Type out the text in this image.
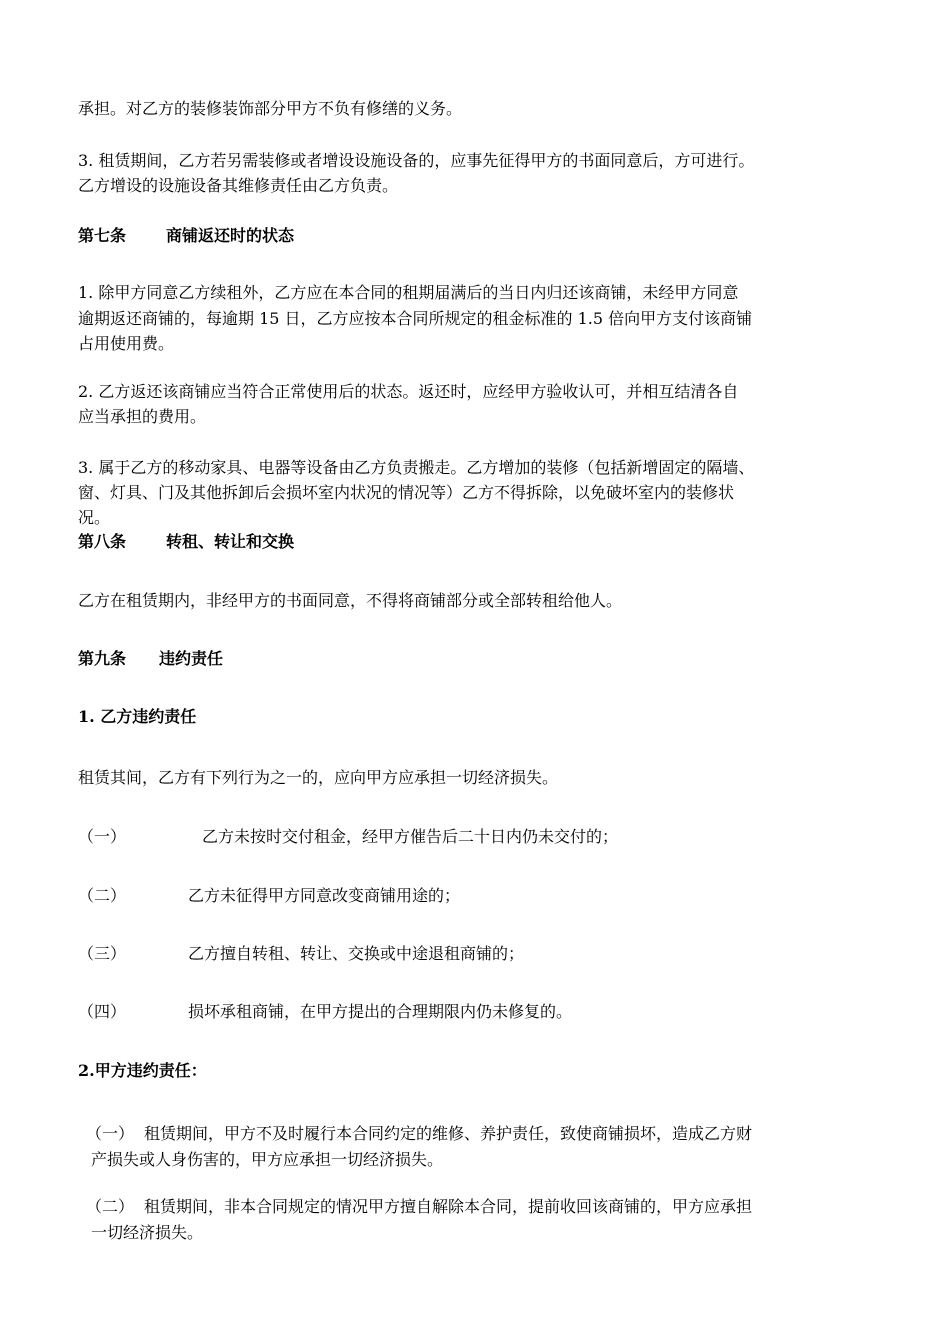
承担。对乙方的装修装饰部分甲方不负有修缮的义务。
3. 租赁期间，乙方若另需装修或者增设设施设备的，应事先征得甲方的书面同意后，方可进行。
乙方增设的设施设备其维修责任由乙方负责。
第七条	商铺返还时的状态
1. 除甲方同意乙方续租外，乙方应在本合同的租期届满后的当日内归还该商铺，未经甲方同意
逾期返还商铺的，每逾期 15 日，乙方应按本合同所规定的租金标准的 1.5 倍向甲方支付该商铺
占用使用费。
2. 乙方返还该商铺应当符合正常使用后的状态。返还时，应经甲方验收认可，并相互结清各自
应当承担的费用。
3. 属于乙方的移动家具、电器等设备由乙方负责搬走。乙方增加的装修（包括新增固定的隔墙、
窗、灯具、门及其他拆卸后会损坏室内状况的情况等）乙方不得拆除，以免破坏室内的装修状
况。
第八条	转租、转让和交换
乙方在租赁期内，非经甲方的书面同意，不得将商铺部分或全部转租给他人。
第九条 违约责任
1. 乙方违约责任
租赁其间，乙方有下列行为之一的，应向甲方应承担一切经济损失。
（一）	乙方未按时交付租金，经甲方催告后二十日内仍未交付的；
（二）	乙方未征得甲方同意改变商铺用途的；
（三）	乙方擅自转租、转让、交换或中途退租商铺的；
（四）	损坏承租商铺，在甲方提出的合理期限内仍未修复的。
2.甲方违约责任：
（一） 租赁期间，甲方不及时履行本合同约定的维修、养护责任，致使商铺损坏，造成乙方财
产损失或人身伤害的，甲方应承担一切经济损失。
（二） 租赁期间，非本合同规定的情况甲方擅自解除本合同，提前收回该商铺的，甲方应承担
一切经济损失。
